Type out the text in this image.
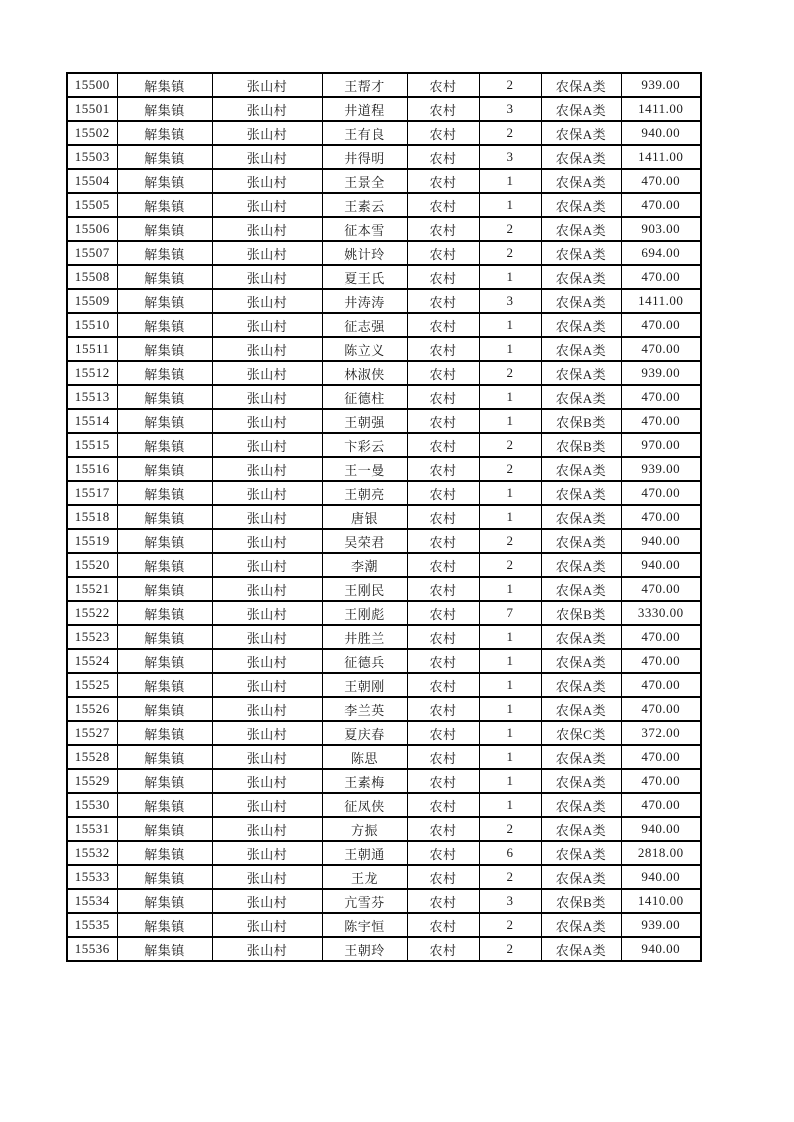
15500	解集镇	张山村	王帮才	农村	2	农保A类	939.00
15501	解集镇	张山村	井道程	农村	3	农保A类	1411.00
15502	解集镇	张山村	王有良	农村	2	农保A类	940.00
15503	解集镇	张山村	井得明	农村	3	农保A类	1411.00
15504	解集镇	张山村	王景全	农村	1	农保A类	470.00
15505	解集镇	张山村	王素云	农村	1	农保A类	470.00
15506	解集镇	张山村	征本雪	农村	2	农保A类	903.00
15507	解集镇	张山村	姚计玲	农村	2	农保A类	694.00
15508	解集镇	张山村	夏王氏	农村	1	农保A类	470.00
15509	解集镇	张山村	井涛涛	农村	3	农保A类	1411.00
15510	解集镇	张山村	征志强	农村	1	农保A类	470.00
15511	解集镇	张山村	陈立义	农村	1	农保A类	470.00
15512	解集镇	张山村	林淑侠	农村	2	农保A类	939.00
15513	解集镇	张山村	征德柱	农村	1	农保A类	470.00
15514	解集镇	张山村	王朝强	农村	1	农保B类	470.00
15515	解集镇	张山村	卞彩云	农村	2	农保B类	970.00
15516	解集镇	张山村	王一曼	农村	2	农保A类	939.00
15517	解集镇	张山村	王朝亮	农村	1	农保A类	470.00
15518	解集镇	张山村	唐银	农村	1	农保A类	470.00
15519	解集镇	张山村	吴荣君	农村	2	农保A类	940.00
15520	解集镇	张山村	李潮	农村	2	农保A类	940.00
15521	解集镇	张山村	王刚民	农村	1	农保A类	470.00
15522	解集镇	张山村	王刚彪	农村	7	农保B类	3330.00
15523	解集镇	张山村	井胜兰	农村	1	农保A类	470.00
15524	解集镇	张山村	征德兵	农村	1	农保A类	470.00
15525	解集镇	张山村	王朝刚	农村	1	农保A类	470.00
15526	解集镇	张山村	李兰英	农村	1	农保A类	470.00
15527	解集镇	张山村	夏庆春	农村	1	农保C类	372.00
15528	解集镇	张山村	陈思	农村	1	农保A类	470.00
15529	解集镇	张山村	王素梅	农村	1	农保A类	470.00
15530	解集镇	张山村	征凤侠	农村	1	农保A类	470.00
15531	解集镇	张山村	方振	农村	2	农保A类	940.00
15532	解集镇	张山村	王朝通	农村	6	农保A类	2818.00
15533	解集镇	张山村	王龙	农村	2	农保A类	940.00
15534	解集镇	张山村	亢雪芬	农村	3	农保B类	1410.00
15535	解集镇	张山村	陈宇恒	农村	2	农保A类	939.00
15536	解集镇	张山村	王朝玲	农村	2	农保A类	940.00
